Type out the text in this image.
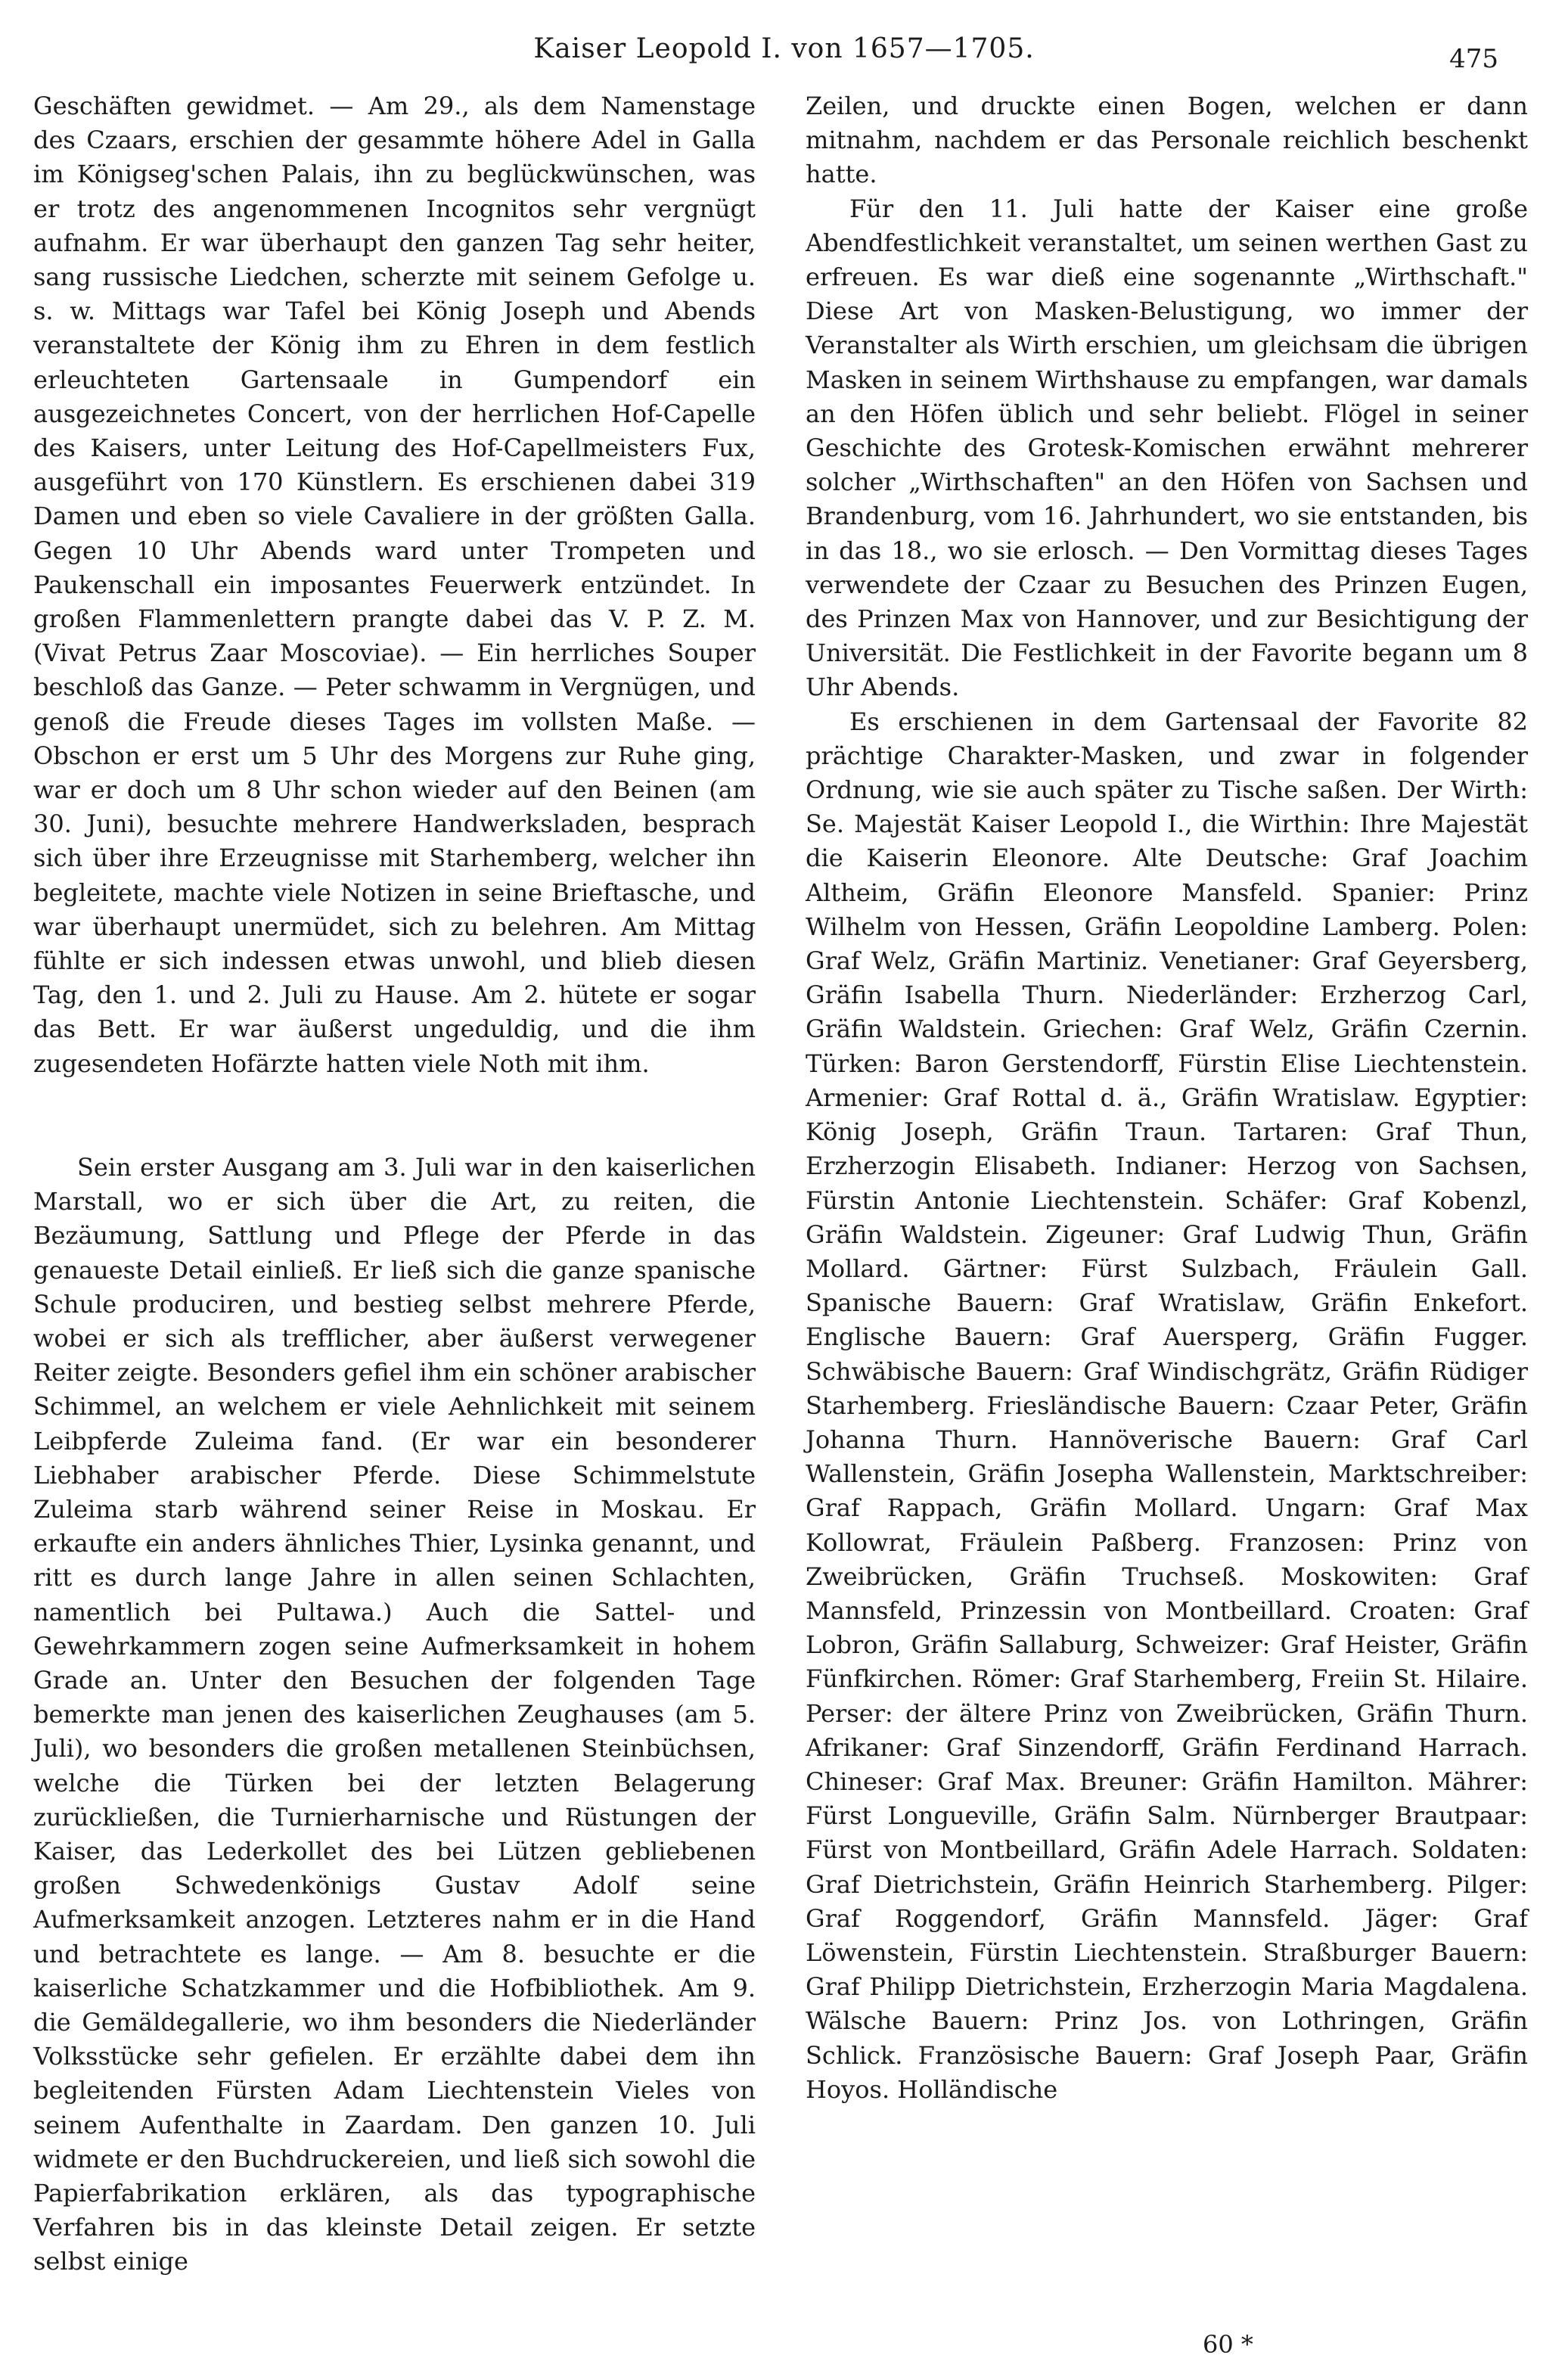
Kaiser Leopold I. von 1657—1705.	475

Geschäften gewidmet. — Am 29., als dem Namenstage des Czaars, erschien der gesammte höhere Adel in Galla im Königseg'schen Palais, ihn zu beglückwünschen, was er trotz des angenommenen Incognitos sehr vergnügt aufnahm. Er war überhaupt den ganzen Tag sehr heiter, sang russische Liedchen, scherzte mit seinem Gefolge u. s. w. Mittags war Tafel bei König Joseph und Abends veranstaltete der König ihm zu Ehren in dem festlich erleuchteten Gartensaale in Gumpendorf ein ausgezeichnetes Concert, von der herrlichen Hof-Capelle des Kaisers, unter Leitung des Hof-Capellmeisters Fux, ausgeführt von 170 Künstlern. Es erschienen dabei 319 Damen und eben so viele Cavaliere in der größten Galla. Gegen 10 Uhr Abends ward unter Trompeten und Paukenschall ein imposantes Feuerwerk entzündet. In großen Flammenlettern prangte dabei das V. P. Z. M. (Vivat Petrus Zaar Moscoviae). — Ein herrliches Souper beschloß das Ganze. — Peter schwamm in Vergnügen, und genoß die Freude dieses Tages im vollsten Maße. — Obschon er erst um 5 Uhr des Morgens zur Ruhe ging, war er doch um 8 Uhr schon wieder auf den Beinen (am 30. Juni), besuchte mehrere Handwerksladen, besprach sich über ihre Erzeugnisse mit Starhemberg, welcher ihn begleitete, machte viele Notizen in seine Brieftasche, und war überhaupt unermüdet, sich zu belehren. Am Mittag fühlte er sich indessen etwas unwohl, und blieb diesen Tag, den 1. und 2. Juli zu Hause. Am 2. hütete er sogar das Bett. Er war äußerst ungeduldig, und die ihm zugesendeten Hofärzte hatten viele Noth mit ihm.

Sein erster Ausgang am 3. Juli war in den kaiserlichen Marstall, wo er sich über die Art, zu reiten, die Bezäumung, Sattlung und Pflege der Pferde in das genaueste Detail einließ. Er ließ sich die ganze spanische Schule produciren, und bestieg selbst mehrere Pferde, wobei er sich als trefflicher, aber äußerst verwegener Reiter zeigte. Besonders gefiel ihm ein schöner arabischer Schimmel, an welchem er viele Aehnlichkeit mit seinem Leibpferde Zuleima fand. (Er war ein besonderer Liebhaber arabischer Pferde. Diese Schimmelstute Zuleima starb während seiner Reise in Moskau. Er erkaufte ein anders ähnliches Thier, Lysinka genannt, und ritt es durch lange Jahre in allen seinen Schlachten, namentlich bei Pultawa.) Auch die Sattel- und Gewehrkammern zogen seine Aufmerksamkeit in hohem Grade an. Unter den Besuchen der folgenden Tage bemerkte man jenen des kaiserlichen Zeughauses (am 5. Juli), wo besonders die großen metallenen Steinbüchsen, welche die Türken bei der letzten Belagerung zurückließen, die Turnierharnische und Rüstungen der Kaiser, das Lederkollet des bei Lützen gebliebenen großen Schwedenkönigs Gustav Adolf seine Aufmerksamkeit anzogen. Letzteres nahm er in die Hand und betrachtete es lange. — Am 8. besuchte er die kaiserliche Schatzkammer und die Hofbibliothek. Am 9. die Gemäldegallerie, wo ihm besonders die Niederländer Volksstücke sehr gefielen. Er erzählte dabei dem ihn begleitenden Fürsten Adam Liechtenstein Vieles von seinem Aufenthalte in Zaardam. Den ganzen 10. Juli widmete er den Buchdruckereien, und ließ sich sowohl die Papierfabrikation erklären, als das typographische Verfahren bis in das kleinste Detail zeigen. Er setzte selbst einige

Zeilen, und druckte einen Bogen, welchen er dann mitnahm, nachdem er das Personale reichlich beschenkt hatte.

Für den 11. Juli hatte der Kaiser eine große Abendfestlichkeit veranstaltet, um seinen werthen Gast zu erfreuen. Es war dieß eine sogenannte „Wirthschaft." Diese Art von Masken-Belustigung, wo immer der Veranstalter als Wirth erschien, um gleichsam die übrigen Masken in seinem Wirthshause zu empfangen, war damals an den Höfen üblich und sehr beliebt. Flögel in seiner Geschichte des Grotesk-Komischen erwähnt mehrerer solcher „Wirthschaften" an den Höfen von Sachsen und Brandenburg, vom 16. Jahrhundert, wo sie entstanden, bis in das 18., wo sie erlosch. — Den Vormittag dieses Tages verwendete der Czaar zu Besuchen des Prinzen Eugen, des Prinzen Max von Hannover, und zur Besichtigung der Universität. Die Festlichkeit in der Favorite begann um 8 Uhr Abends.

Es erschienen in dem Gartensaal der Favorite 82 prächtige Charakter-Masken, und zwar in folgender Ordnung, wie sie auch später zu Tische saßen. Der Wirth: Se. Majestät Kaiser Leopold I., die Wirthin: Ihre Majestät die Kaiserin Eleonore. Alte Deutsche: Graf Joachim Altheim, Gräfin Eleonore Mansfeld. Spanier: Prinz Wilhelm von Hessen, Gräfin Leopoldine Lamberg. Polen: Graf Welz, Gräfin Martiniz. Venetianer: Graf Geyersberg, Gräfin Isabella Thurn. Niederländer: Erzherzog Carl, Gräfin Waldstein. Griechen: Graf Welz, Gräfin Czernin. Türken: Baron Gerstendorff, Fürstin Elise Liechtenstein. Armenier: Graf Rottal d. ä., Gräfin Wratislaw. Egyptier: König Joseph, Gräfin Traun. Tartaren: Graf Thun, Erzherzogin Elisabeth. Indianer: Herzog von Sachsen, Fürstin Antonie Liechtenstein. Schäfer: Graf Kobenzl, Gräfin Waldstein. Zigeuner: Graf Ludwig Thun, Gräfin Mollard. Gärtner: Fürst Sulzbach, Fräulein Gall. Spanische Bauern: Graf Wratislaw, Gräfin Enkefort. Englische Bauern: Graf Auersperg, Gräfin Fugger. Schwäbische Bauern: Graf Windischgrätz, Gräfin Rüdiger Starhemberg. Friesländische Bauern: Czaar Peter, Gräfin Johanna Thurn. Hannöverische Bauern: Graf Carl Wallenstein, Gräfin Josepha Wallenstein, Marktschreiber: Graf Rappach, Gräfin Mollard. Ungarn: Graf Max Kollowrat, Fräulein Paßberg. Franzosen: Prinz von Zweibrücken, Gräfin Truchseß. Moskowiten: Graf Mannsfeld, Prinzessin von Montbeillard. Croaten: Graf Lobron, Gräfin Sallaburg, Schweizer: Graf Heister, Gräfin Fünfkirchen. Römer: Graf Starhemberg, Freiin St. Hilaire. Perser: der ältere Prinz von Zweibrücken, Gräfin Thurn. Afrikaner: Graf Sinzendorff, Gräfin Ferdinand Harrach. Chineser: Graf Max. Breuner: Gräfin Hamilton. Mährer: Fürst Longueville, Gräfin Salm. Nürnberger Brautpaar: Fürst von Montbeillard, Gräfin Adele Harrach. Soldaten: Graf Dietrichstein, Gräfin Heinrich Starhemberg. Pilger: Graf Roggendorf, Gräfin Mannsfeld. Jäger: Graf Löwenstein, Fürstin Liechtenstein. Straßburger Bauern: Graf Philipp Dietrichstein, Erzherzogin Maria Magdalena. Wälsche Bauern: Prinz Jos. von Lothringen, Gräfin Schlick. Französische Bauern: Graf Joseph Paar, Gräfin Hoyos. Holländische

60 *
